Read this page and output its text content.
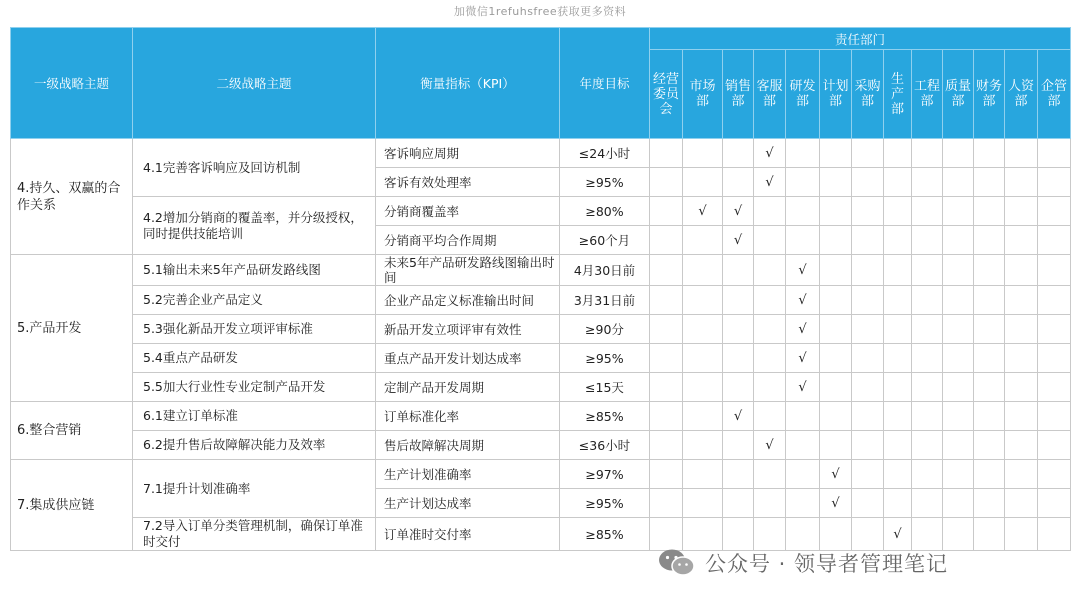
加微信1refuhsfree获取更多资料
一级战略主题	二级战略主题	衡量指标（KPI）	年度目标	责任部门												
				经营委员会	市场部	销售部	客服部	研发部	计划部	采购部	生产部	工程部	质量部	财务部	人资部	企管部
4.持久、双赢的合作关系	4.1完善客诉响应及回访机制	客诉响应周期	≤24小时				√									
		客诉有效处理率	≥95%				√									
	4.2增加分销商的覆盖率，并分级授权，同时提供技能培训	分销商覆盖率	≥80%		√	√										
		分销商平均合作周期	≥60个月			√										
5.产品开发	5.1输出未来5年产品研发路线图	未来5年产品研发路线图输出时间	4月30日前					√								
	5.2完善企业产品定义	企业产品定义标准输出时间	3月31日前					√								
	5.3强化新品开发立项评审标准	新品开发立项评审有效性	≥90分					√								
	5.4重点产品研发	重点产品开发计划达成率	≥95%					√								
	5.5加大行业性专业定制产品开发	定制产品开发周期	≤15天					√								
6.整合营销	6.1建立订单标准	订单标准化率	≥85%			√										
	6.2提升售后故障解决能力及效率	售后故障解决周期	≤36小时				√									
7.集成供应链	7.1提升计划准确率	生产计划准确率	≥97%						√							
		生产计划达成率	≥95%						√							
	7.2导入订单分类管理机制，确保订单准时交付	订单准时交付率	≥85%								√					
公众号 · 领导者管理笔记
